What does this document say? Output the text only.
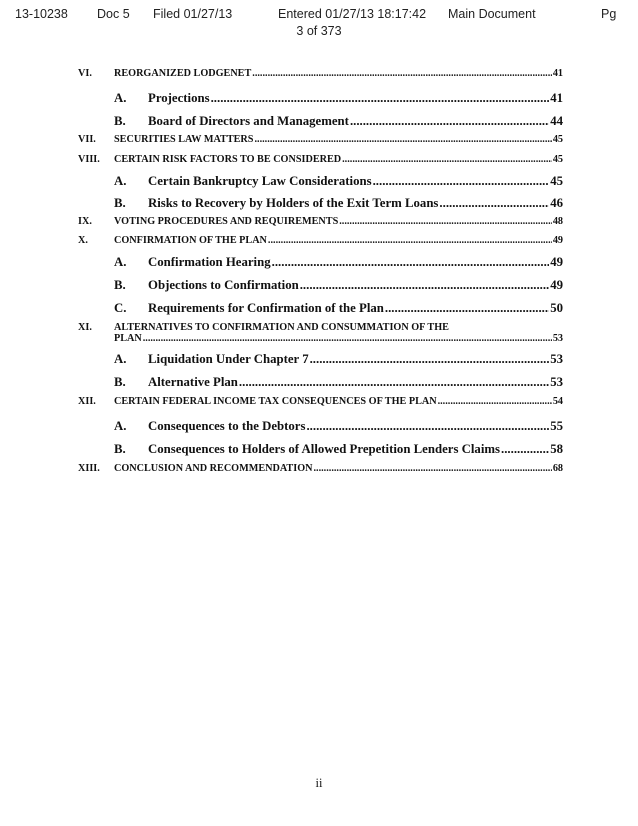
13-10238 Doc 5 Filed 01/27/13	Entered 01/27/13 18:17:42 Main Document	Pg
3 of 373
VI. REORGANIZED LODGENET .....	41
A. Projections .....	41
B. Board of Directors and Management .....	44
VII. SECURITIES LAW MATTERS .....	45
VIII. CERTAIN RISK FACTORS TO BE CONSIDERED .....	45
A. Certain Bankruptcy Law Considerations .....	45
B. Risks to Recovery by Holders of the Exit Term Loans .....	46
IX. VOTING PROCEDURES AND REQUIREMENTS .....	48
X.	CONFIRMATION OF THE PLAN .....	49
A. Confirmation Hearing .....	49
B. Objections to Confirmation .....	49
C. Requirements for Confirmation of the Plan .....	50
XI.	ALTERNATIVES TO CONFIRMATION AND CONSUMMATION OF THE
PLAN .....	53
A. Liquidation Under Chapter 7 .....	53
B. Alternative Plan .....	53
XII. CERTAIN FEDERAL INCOME TAX CONSEQUENCES OF THE PLAN .....	54
A. Consequences to the Debtors .....	55
B. Consequences to Holders of Allowed Prepetition Lenders Claims .....	58
XIII. CONCLUSION AND RECOMMENDATION .....	68
ii
